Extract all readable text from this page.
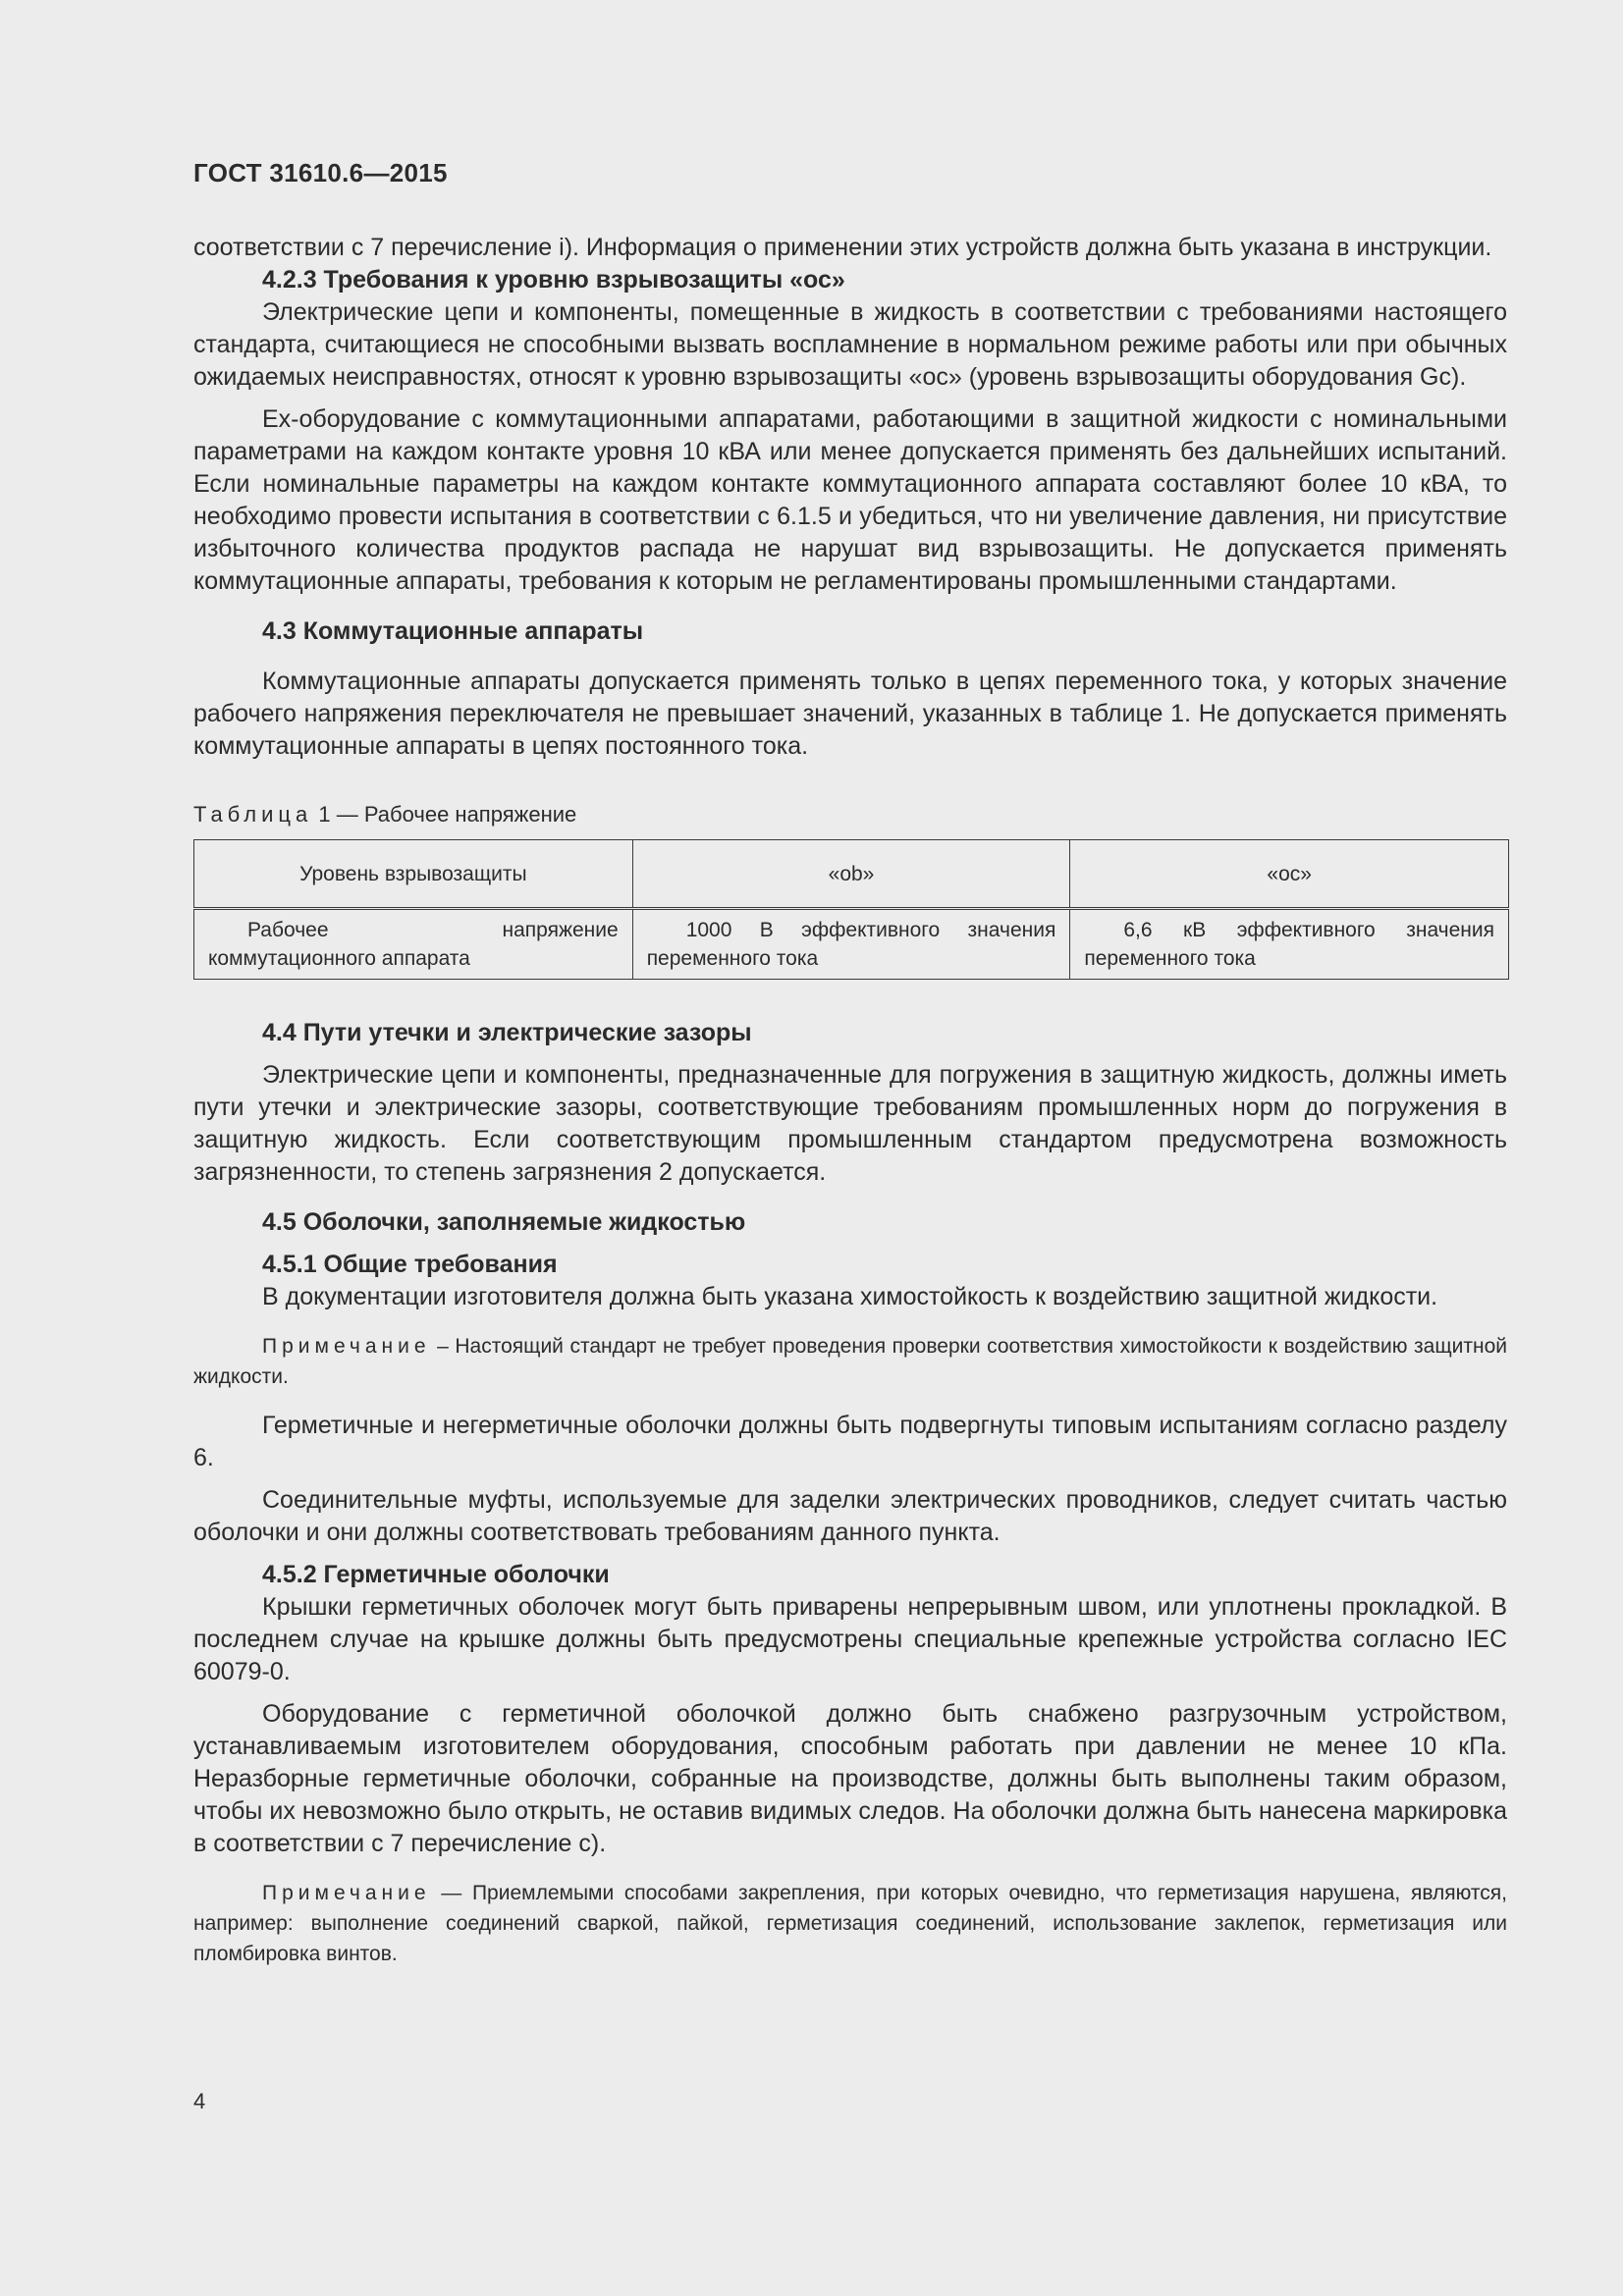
ГОСТ 31610.6—2015

соответствии с 7 перечисление i). Информация о применении этих устройств должна быть указана в инструкции.

4.2.3 Требования к уровню взрывозащиты «ос»

Электрические цепи и компоненты, помещенные в жидкость в соответствии с требованиями настоящего стандарта, считающиеся не способными вызвать воспламнение в нормальном режиме работы или при обычных ожидаемых неисправностях, относят к уровню взрывозащиты «ос» (уровень взрывозащиты оборудования Gc).

Ех-оборудование с коммутационными аппаратами, работающими в защитной жидкости с номинальными параметрами на каждом контакте уровня 10 кВА или менее допускается применять без дальнейших испытаний. Если номинальные параметры на каждом контакте коммутационного аппарата составляют более 10 кВА, то необходимо провести испытания в соответствии с 6.1.5 и убедиться, что ни увеличение давления, ни присутствие избыточного количества продуктов распада не нарушат вид взрывозащиты. Не допускается применять коммутационные аппараты, требования к которым не регламентированы промышленными стандартами.

4.3 Коммутационные аппараты

Коммутационные аппараты допускается применять только в цепях переменного тока, у которых значение рабочего напряжения переключателя не превышает значений, указанных в таблице 1. Не допускается применять коммутационные аппараты в цепях постоянного тока.

Таблица 1 — Рабочее напряжение
Уровень взрывозащиты	«ob»	«ос»
Рабочее напряжение коммутационного аппарата	1000 В эффективного значения переменного тока	6,6 кВ эффективного значения переменного тока
4.4 Пути утечки и электрические зазоры

Электрические цепи и компоненты, предназначенные для погружения в защитную жидкость, должны иметь пути утечки и электрические зазоры, соответствующие требованиям промышленных норм до погружения в защитную жидкость. Если соответствующим промышленным стандартом предусмотрена возможность загрязненности, то степень загрязнения 2 допускается.

4.5 Оболочки, заполняемые жидкостью
4.5.1 Общие требования

В документации изготовителя должна быть указана химостойкость к воздействию защитной жидкости.

Примечание – Настоящий стандарт не требует проведения проверки соответствия химостойкости к воздействию защитной жидкости.

Герметичные и негерметичные оболочки должны быть подвергнуты типовым испытаниям согласно разделу 6.

Соединительные муфты, используемые для заделки электрических проводников, следует считать частью оболочки и они должны соответствовать требованиям данного пункта.

4.5.2 Герметичные оболочки

Крышки герметичных оболочек могут быть приварены непрерывным швом, или уплотнены прокладкой. В последнем случае на крышке должны быть предусмотрены специальные крепежные устройства согласно IEC 60079-0.

Оборудование с герметичной оболочкой должно быть снабжено разгрузочным устройством, устанавливаемым изготовителем оборудования, способным работать при давлении не менее 10 кПа. Неразборные герметичные оболочки, собранные на производстве, должны быть выполнены таким образом, чтобы их невозможно было открыть, не оставив видимых следов. На оболочки должна быть нанесена маркировка в соответствии с 7 перечисление с).

Примечание — Приемлемыми способами закрепления, при которых очевидно, что герметизация нарушена, являются, например: выполнение соединений сваркой, пайкой, герметизация соединений, использование заклепок, герметизация или пломбировка винтов.

4
